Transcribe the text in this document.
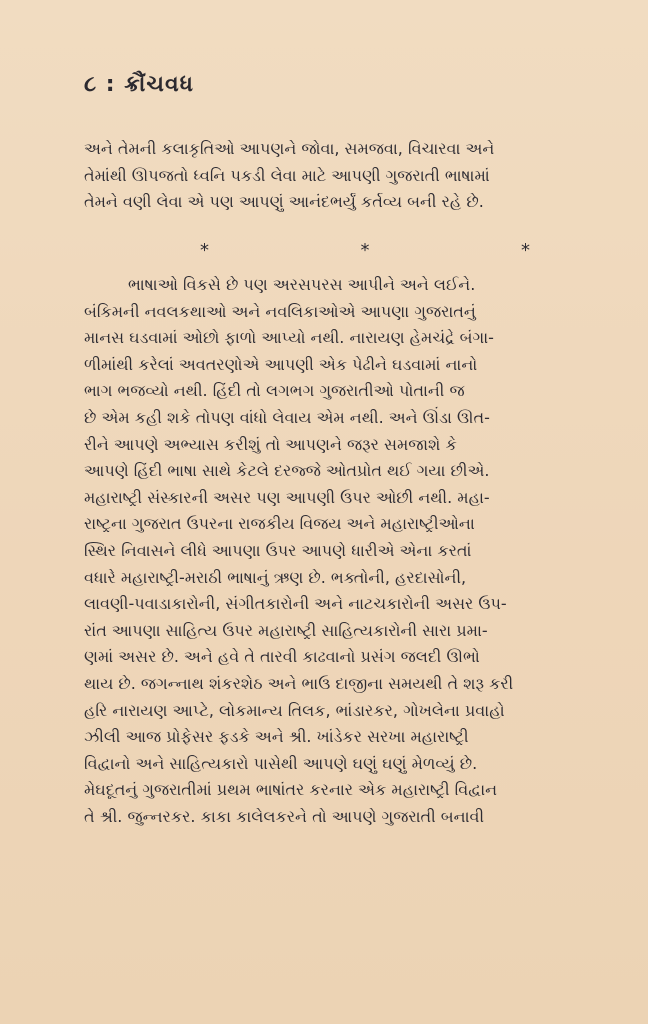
૮ : ક્રૌંચવધ
અને તેમની કલાકૃતિઓ આપણને જોવા, સમજવા, વિચારવા અને
તેમાંથી ઊપજતો ધ્વનિ પકડી લેવા માટે આપણી ગુજરાતી ભાષામાં
તેમને વણી લેવા એ પણ આપણું આનંદભર્યું કર્તવ્ય બની રહે છે.
*	*	*
ભાષાઓ વિકસે છે પણ અરસપરસ આપીને અને લઈને.
બંકિમની નવલકથાઓ અને નવલિકાઓએ આપણા ગુજરાતનું
માનસ ઘડવામાં ઓછો ફાળો આપ્યો નથી. નારાયણ હેમચંદ્રે બંગા-
ળીમાંથી કરેલાં અવતરણોએ આપણી એક પેઢીને ઘડવામાં નાનો
ભાગ ભજવ્યો નથી. હિંદી તો લગભગ ગુજરાતીઓ પોતાની જ
છે એમ કહી શકે તોપણ વાંધો લેવાય એમ નથી. અને ઊંડા ઊત-
રીને આપણે અભ્યાસ કરીશું તો આપણને જરૂર સમજાશે કે
આપણે હિંદી ભાષા સાથે કેટલે દરજ્જે ઓતપ્રોત થઈ ગયા છીએ.
મહારાષ્ટ્રી સંસ્કારની અસર પણ આપણી ઉપર ઓછી નથી. મહા-
રાષ્ટ્રના ગુજરાત ઉપરના રાજકીય વિજય અને મહારાષ્ટ્રીઓના
સ્થિર નિવાસને લીધે આપણા ઉપર આપણે ધારીએ એના કરતાં
વધારે મહારાષ્ટ્રી-મરાઠી ભાષાનું ઋણ છે. ભક્તોની, હરદાસોની,
લાવણી-પવાડાકારોની, સંગીતકારોની અને નાટચકારોની અસર ઉપ-
રાંત આપણા સાહિત્ય ઉપર મહારાષ્ટ્રી સાહિત્યકારોની સારા પ્રમા-
ણમાં અસર છે. અને હવે તે તારવી કાઢવાનો પ્રસંગ જલદી ઊભો
થાય છે. જગન્નાથ શંકરશેઠ અને ભાઉ દાજીના સમયથી તે શરૂ કરી
હરિ નારાયણ આપ્ટે, લોકમાન્ય તિલક, ભાંડારકર, ગોખલેના પ્રવાહો
ઝીલી આજ પ્રોફેસર ફડકે અને શ્રી. ખાંડેકર સરખા મહારાષ્ટ્રી
વિદ્વાનો અને સાહિત્યકારો પાસેથી આપણે ઘણું ઘણું મેળવ્યું છે.
મેઘદૂતનું ગુજરાતીમાં પ્રથમ ભાષાંતર કરનાર એક મહારાષ્ટ્રી વિદ્વાન
તે શ્રી. જુન્નરકર. કાકા કાલેલકરને તો આપણે ગુજરાતી બનાવી
